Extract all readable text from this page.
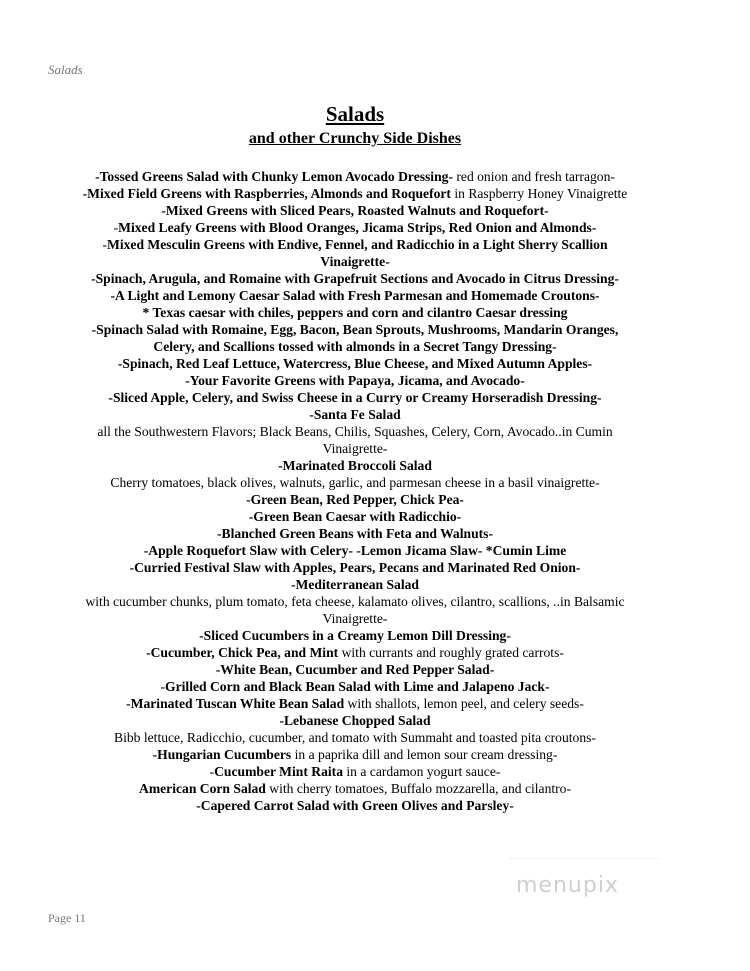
Salads
Salads
and other Crunchy Side Dishes
-Tossed Greens Salad with Chunky Lemon Avocado Dressing- red onion and fresh tarragon-
-Mixed Field Greens with Raspberries, Almonds and Roquefort in Raspberry Honey Vinaigrette
-Mixed Greens with Sliced Pears, Roasted Walnuts and Roquefort-
-Mixed Leafy Greens with Blood Oranges, Jicama Strips, Red Onion and Almonds-
-Mixed Mesculin Greens with Endive, Fennel, and Radicchio in a Light Sherry Scallion
Vinaigrette-
-Spinach, Arugula, and Romaine with Grapefruit Sections and Avocado in Citrus Dressing-
-A Light and Lemony Caesar Salad with Fresh Parmesan and Homemade Croutons-
* Texas caesar with chiles, peppers and corn and cilantro Caesar dressing
-Spinach Salad with Romaine, Egg, Bacon, Bean Sprouts, Mushrooms, Mandarin Oranges,
Celery, and Scallions tossed with almonds in a Secret Tangy Dressing-
-Spinach, Red Leaf Lettuce, Watercress, Blue Cheese, and Mixed Autumn Apples-
-Your Favorite Greens with Papaya, Jicama, and Avocado-
-Sliced Apple, Celery, and Swiss Cheese in a Curry or Creamy Horseradish Dressing-
-Santa Fe Salad
all the Southwestern Flavors; Black Beans, Chilis, Squashes, Celery, Corn, Avocado..in Cumin
Vinaigrette-
-Marinated Broccoli Salad
Cherry tomatoes, black olives, walnuts, garlic, and parmesan cheese in a basil vinaigrette-
-Green Bean, Red Pepper, Chick Pea-
-Green Bean Caesar with Radicchio-
-Blanched Green Beans with Feta and Walnuts-
-Apple Roquefort Slaw with Celery- -Lemon Jicama Slaw- *Cumin Lime
-Curried Festival Slaw with Apples, Pears, Pecans and Marinated Red Onion-
-Mediterranean Salad
with cucumber chunks, plum tomato, feta cheese, kalamato olives, cilantro, scallions, ..in Balsamic
Vinaigrette-
-Sliced Cucumbers in a Creamy Lemon Dill Dressing-
-Cucumber, Chick Pea, and Mint with currants and roughly grated carrots-
-White Bean, Cucumber and Red Pepper Salad-
-Grilled Corn and Black Bean Salad with Lime and Jalapeno Jack-
-Marinated Tuscan White Bean Salad with shallots, lemon peel, and celery seeds-
-Lebanese Chopped Salad
Bibb lettuce, Radicchio, cucumber, and tomato with Summaht and toasted pita croutons-
-Hungarian Cucumbers in a paprika dill and lemon sour cream dressing-
-Cucumber Mint Raita in a cardamon yogurt sauce-
American Corn Salad with cherry tomatoes, Buffalo mozzarella, and cilantro-
-Capered Carrot Salad with Green Olives and Parsley-
menupix
Page 11
